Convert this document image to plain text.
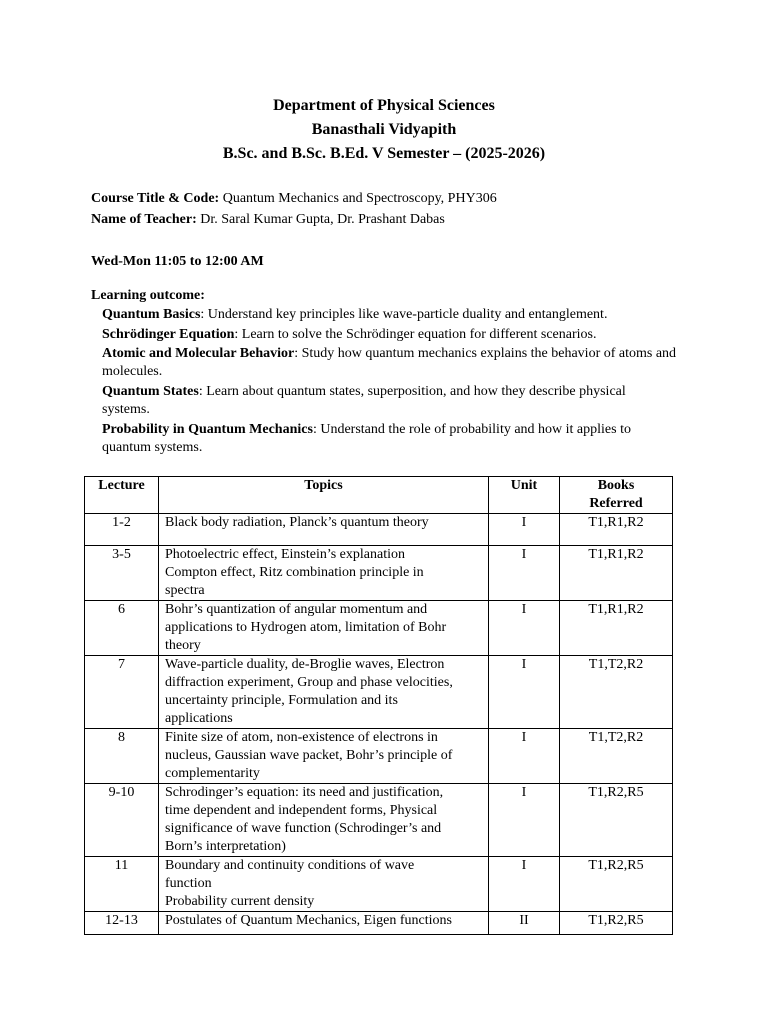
Department of Physical Sciences
Banasthali Vidyapith
B.Sc. and B.Sc. B.Ed. V Semester – (2025-2026)
Course Title & Code: Quantum Mechanics and Spectroscopy, PHY306
Name of Teacher: Dr. Saral Kumar Gupta, Dr. Prashant Dabas
Wed-Mon 11:05 to 12:00 AM
Learning outcome:
Quantum Basics: Understand key principles like wave-particle duality and entanglement.
Schrödinger Equation: Learn to solve the Schrödinger equation for different scenarios.
Atomic and Molecular Behavior: Study how quantum mechanics explains the behavior of atoms and molecules.
Quantum States: Learn about quantum states, superposition, and how they describe physical systems.
Probability in Quantum Mechanics: Understand the role of probability and how it applies to quantum systems.
Lecture	Topics	Unit	Books
Referred

1-2	Black body radiation, Planck’s quantum theory	I	T1,R1,R2
3-5	Photoelectric effect, Einstein’s explanation
Compton effect, Ritz combination principle in
spectra	I	T1,R1,R2
6	Bohr’s quantization of angular momentum and
applications to Hydrogen atom, limitation of Bohr
theory	I	T1,R1,R2
7	Wave-particle duality, de-Broglie waves, Electron
diffraction experiment, Group and phase velocities,
uncertainty principle, Formulation and its
applications	I	T1,T2,R2
8	Finite size of atom, non-existence of electrons in
nucleus, Gaussian wave packet, Bohr’s principle of
complementarity	I	T1,T2,R2
9-10	Schrodinger’s equation: its need and justification,
time dependent and independent forms, Physical
significance of wave function (Schrodinger’s and
Born’s interpretation)	I	T1,R2,R5
11	Boundary and continuity conditions of wave
function
Probability current density	I	T1,R2,R5
12-13	Postulates of Quantum Mechanics, Eigen functions	II	T1,R2,R5
